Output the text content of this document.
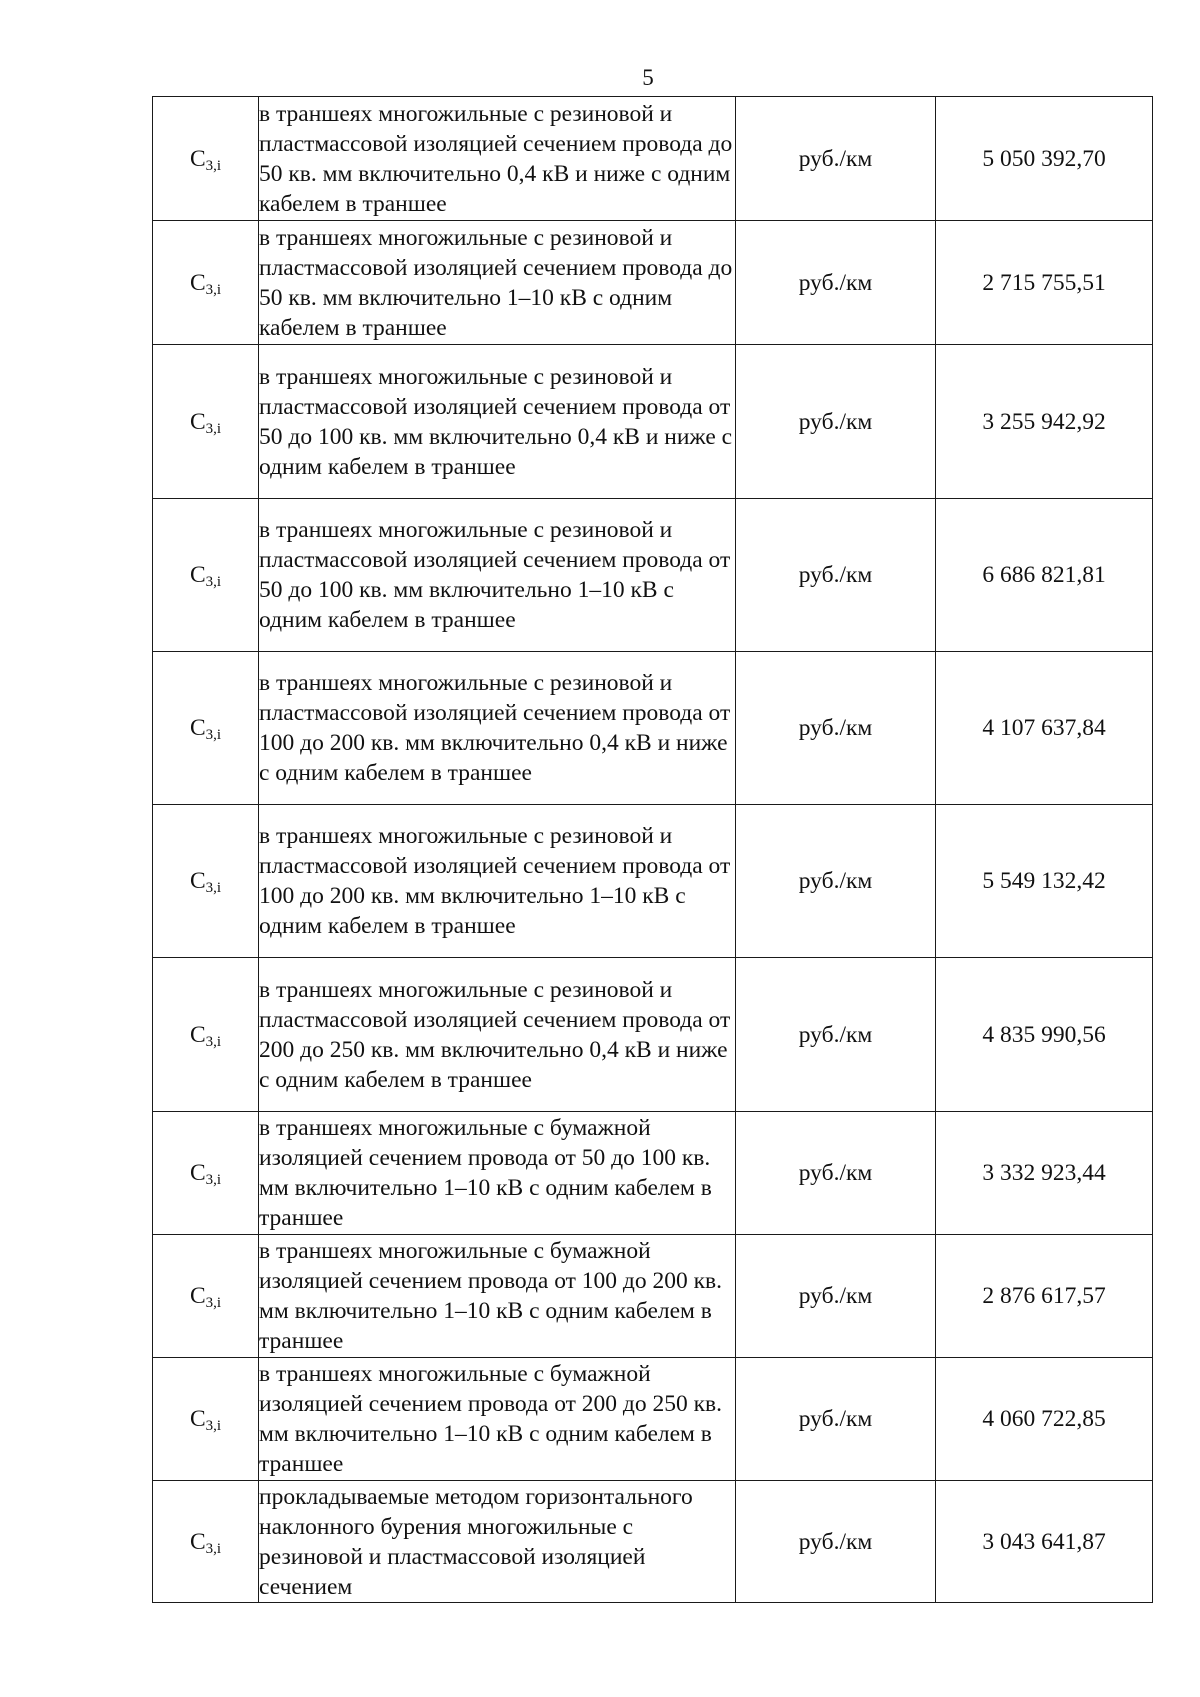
5
$C_{3,i}$	в траншеях многожильные с резиновой и пластмассовой изоляцией сечением провода до 50 кв. мм включительно 0,4 кВ и ниже с одним кабелем в траншее	руб./км	5 050 392,70
$C_{3,i}$	в траншеях многожильные с резиновой и пластмассовой изоляцией сечением провода до 50 кв. мм включительно 1–10 кВ с одним кабелем в траншее	руб./км	2 715 755,51
$C_{3,i}$	в траншеях многожильные с резиновой и пластмассовой изоляцией сечением провода от 50 до 100 кв. мм включительно 0,4 кВ и ниже с одним кабелем в траншее	руб./км	3 255 942,92
$C_{3,i}$	в траншеях многожильные с резиновой и пластмассовой изоляцией сечением провода от 50 до 100 кв. мм включительно 1–10 кВ с одним кабелем в траншее	руб./км	6 686 821,81
$C_{3,i}$	в траншеях многожильные с резиновой и пластмассовой изоляцией сечением провода от 100 до 200 кв. мм включительно 0,4 кВ и ниже с одним кабелем в траншее	руб./км	4 107 637,84
$C_{3,i}$	в траншеях многожильные с резиновой и пластмассовой изоляцией сечением провода от 100 до 200 кв. мм включительно 1–10 кВ с одним кабелем в траншее	руб./км	5 549 132,42
$C_{3,i}$	в траншеях многожильные с резиновой и пластмассовой изоляцией сечением провода от 200 до 250 кв. мм включительно 0,4 кВ и ниже с одним кабелем в траншее	руб./км	4 835 990,56
$C_{3,i}$	в траншеях многожильные с бумажной изоляцией сечением провода от 50 до 100 кв. мм включительно 1–10 кВ с одним кабелем в траншее	руб./км	3 332 923,44
$C_{3,i}$	в траншеях многожильные с бумажной изоляцией сечением провода от 100 до 200 кв. мм включительно 1–10 кВ с одним кабелем в траншее	руб./км	2 876 617,57
$C_{3,i}$	в траншеях многожильные с бумажной изоляцией сечением провода от 200 до 250 кв. мм включительно 1–10 кВ с одним кабелем в траншее	руб./км	4 060 722,85
$C_{3,i}$	прокладываемые методом горизонтального наклонного бурения многожильные с резиновой и пластмассовой изоляцией сечением	руб./км	3 043 641,87
